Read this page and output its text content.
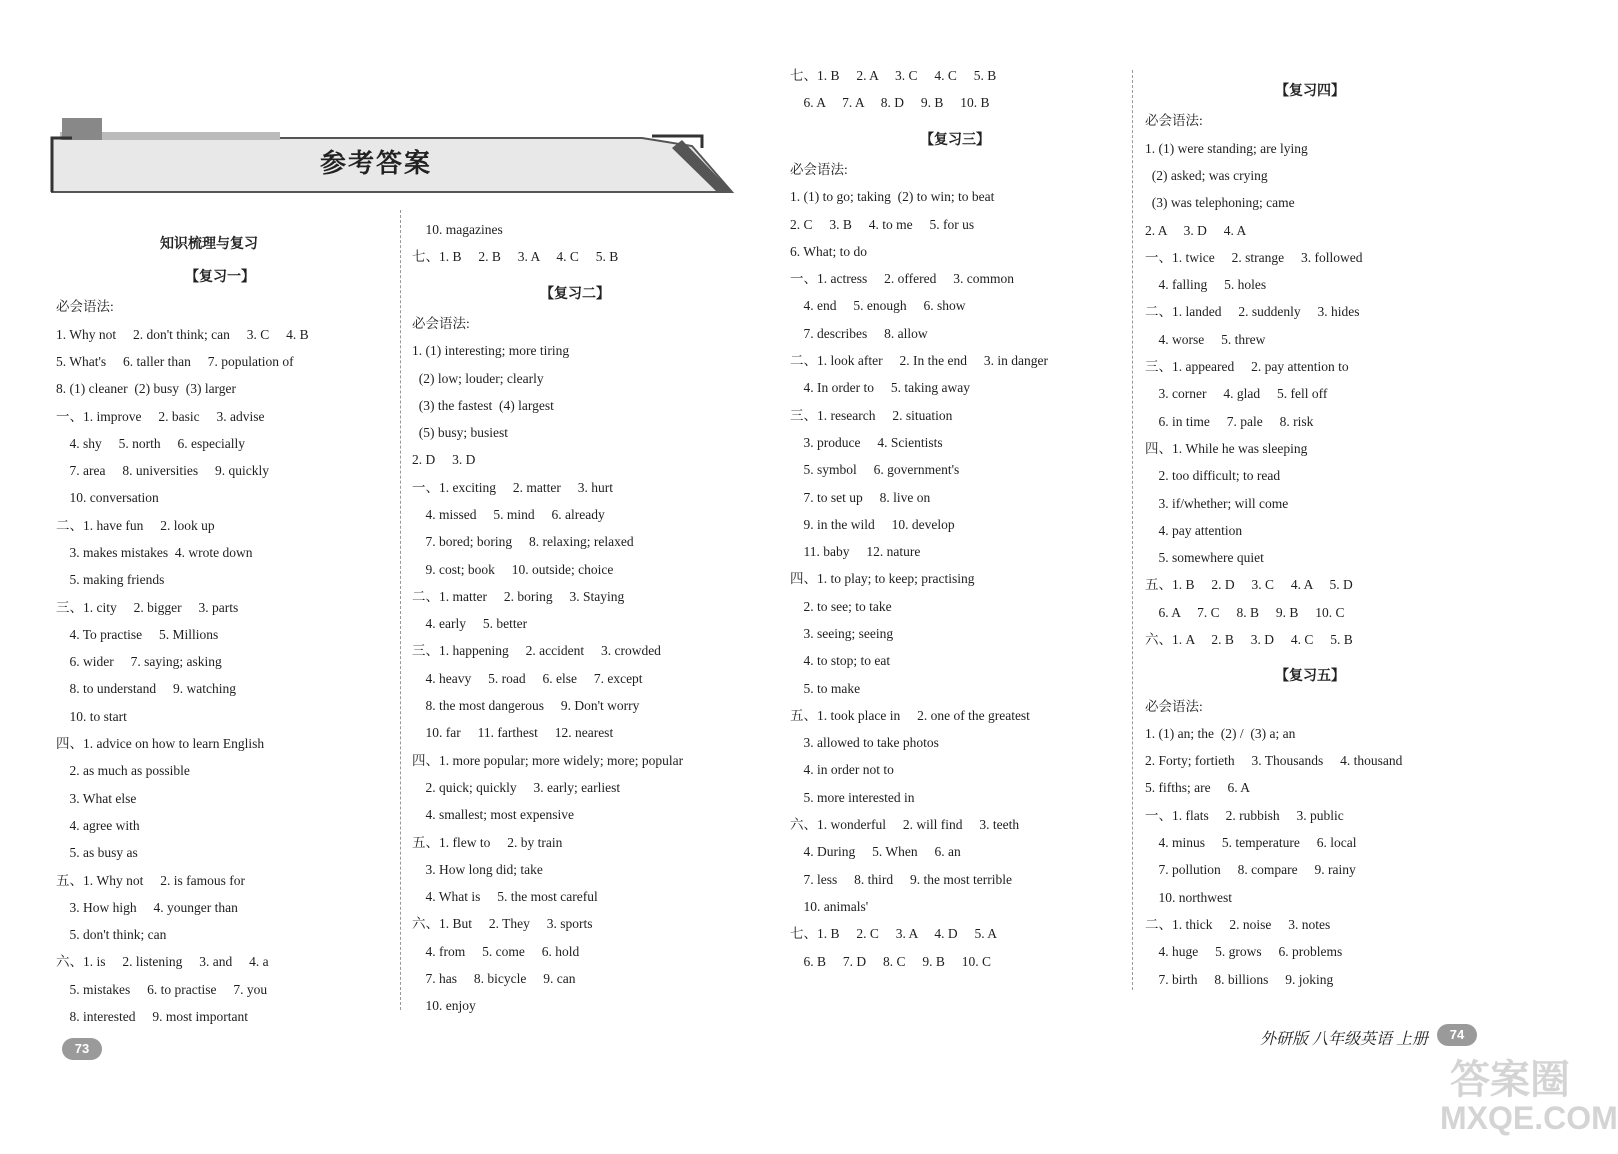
参考答案
知识梳理与复习
【复习一】
必会语法:
1. Why not     2. don't think; can     3. C     4. B
5. What's     6. taller than     7. population of
8. (1) cleaner  (2) busy  (3) larger
一、1. improve     2. basic     3. advise
4. shy     5. north     6. especially
7. area     8. universities     9. quickly
10. conversation
二、1. have fun     2. look up
3. makes mistakes  4. wrote down
5. making friends
三、1. city     2. bigger     3. parts
4. To practise     5. Millions
6. wider     7. saying; asking
8. to understand     9. watching
10. to start
四、1. advice on how to learn English
2. as much as possible
3. What else
4. agree with
5. as busy as
五、1. Why not     2. is famous for
3. How high     4. younger than
5. don't think; can
六、1. is     2. listening     3. and     4. a
5. mistakes     6. to practise     7. you
8. interested     9. most important
10. magazines
七、1. B     2. B     3. A     4. C     5. B
【复习二】
必会语法:
1. (1) interesting; more tiring
(2) low; louder; clearly
(3) the fastest  (4) largest
(5) busy; busiest
2. D     3. D
一、1. exciting     2. matter     3. hurt
4. missed     5. mind     6. already
7. bored; boring     8. relaxing; relaxed
9. cost; book     10. outside; choice
二、1. matter     2. boring     3. Staying
4. early     5. better
三、1. happening     2. accident     3. crowded
4. heavy     5. road     6. else     7. except
8. the most dangerous     9. Don't worry
10. far     11. farthest     12. nearest
四、1. more popular; more widely; more; popular
2. quick; quickly     3. early; earliest
4. smallest; most expensive
五、1. flew to     2. by train
3. How long did; take
4. What is     5. the most careful
六、1. But     2. They     3. sports
4. from     5. come     6. hold
7. has     8. bicycle     9. can
10. enjoy
七、1. B     2. A     3. C     4. C     5. B
6. A     7. A     8. D     9. B     10. B
【复习三】
必会语法:
1. (1) to go; taking  (2) to win; to beat
2. C     3. B     4. to me     5. for us
6. What; to do
一、1. actress     2. offered     3. common
4. end     5. enough     6. show
7. describes     8. allow
二、1. look after     2. In the end     3. in danger
4. In order to     5. taking away
三、1. research     2. situation
3. produce     4. Scientists
5. symbol     6. government's
7. to set up     8. live on
9. in the wild     10. develop
11. baby     12. nature
四、1. to play; to keep; practising
2. to see; to take
3. seeing; seeing
4. to stop; to eat
5. to make
五、1. took place in     2. one of the greatest
3. allowed to take photos
4. in order not to
5. more interested in
六、1. wonderful     2. will find     3. teeth
4. During     5. When     6. an
7. less     8. third     9. the most terrible
10. animals'
七、1. B     2. C     3. A     4. D     5. A
6. B     7. D     8. C     9. B     10. C
【复习四】
必会语法:
1. (1) were standing; are lying
(2) asked; was crying
(3) was telephoning; came
2. A     3. D     4. A
一、1. twice     2. strange     3. followed
4. falling     5. holes
二、1. landed     2. suddenly     3. hides
4. worse     5. threw
三、1. appeared     2. pay attention to
3. corner     4. glad     5. fell off
6. in time     7. pale     8. risk
四、1. While he was sleeping
2. too difficult; to read
3. if/whether; will come
4. pay attention
5. somewhere quiet
五、1. B     2. D     3. C     4. A     5. D
6. A     7. C     8. B     9. B     10. C
六、1. A     2. B     3. D     4. C     5. B
【复习五】
必会语法:
1. (1) an; the  (2) /  (3) a; an
2. Forty; fortieth     3. Thousands     4. thousand
5. fifths; are     6. A
一、1. flats     2. rubbish     3. public
4. minus     5. temperature     6. local
7. pollution     8. compare     9. rainy
10. northwest
二、1. thick     2. noise     3. notes
4. huge     5. grows     6. problems
7. birth     8. billions     9. joking
73
外研版 八年级英语 上册	74
答案圈
MXQE.COM
